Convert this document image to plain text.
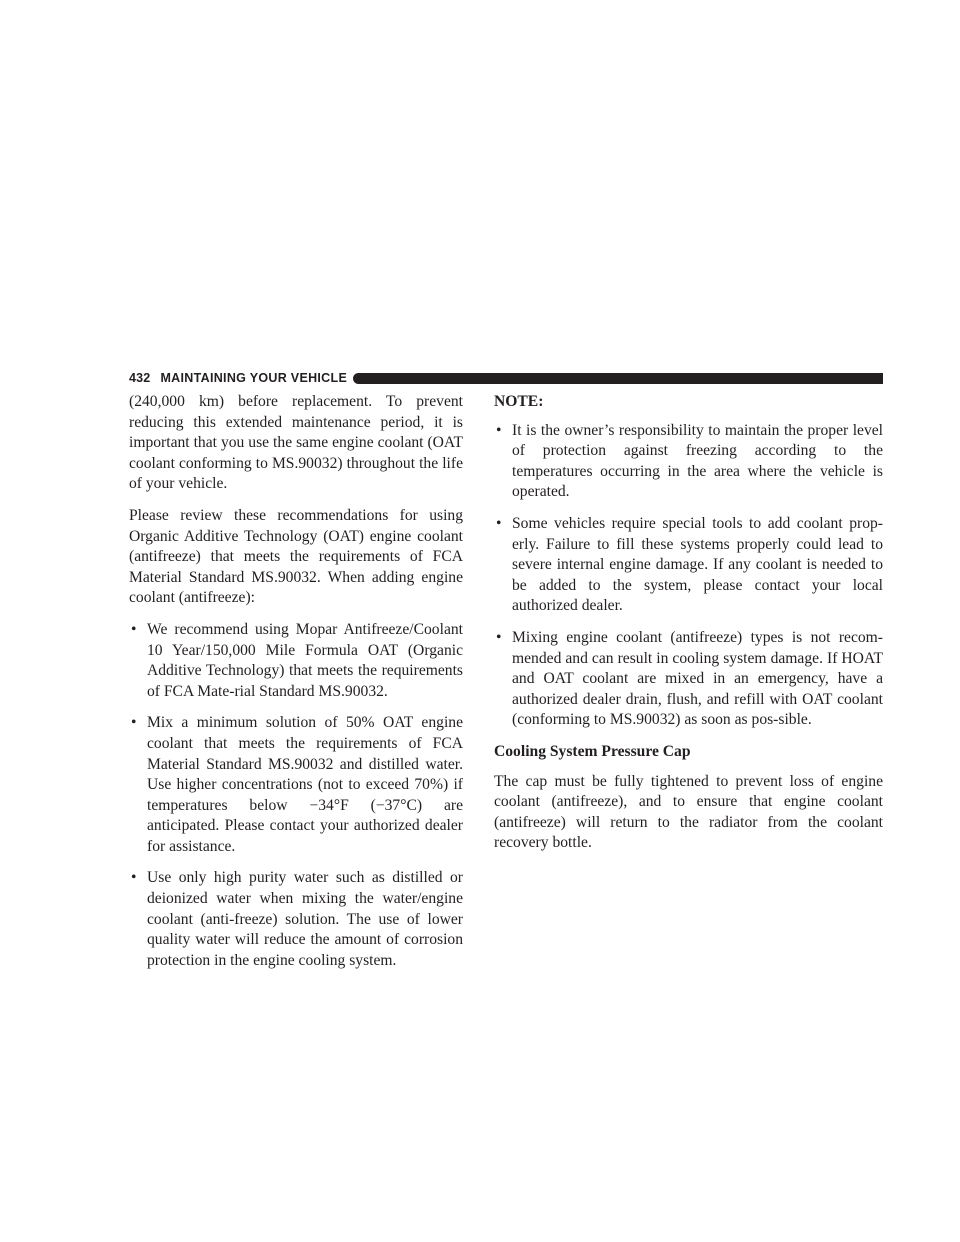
432 MAINTAINING YOUR VEHICLE

(240,000 km) before replacement. To prevent reducing this extended maintenance period, it is important that you use the same engine coolant (OAT coolant conforming to MS.90032) throughout the life of your vehicle.

Please review these recommendations for using Organic Additive Technology (OAT) engine coolant (antifreeze) that meets the requirements of FCA Material Standard MS.90032. When adding engine coolant (antifreeze):

• We recommend using Mopar Antifreeze/Coolant 10 Year/150,000 Mile Formula OAT (Organic Additive Technology) that meets the requirements of FCA Mate-rial Standard MS.90032.
• Mix a minimum solution of 50% OAT engine coolant that meets the requirements of FCA Material Standard MS.90032 and distilled water. Use higher concentrations (not to exceed 70%) if temperatures below −34°F (−37°C) are anticipated. Please contact your authorized dealer for assistance.
• Use only high purity water such as distilled or deionized water when mixing the water/engine coolant (anti-freeze) solution. The use of lower quality water will reduce the amount of corrosion protection in the engine cooling system.

NOTE:

• It is the owner’s responsibility to maintain the proper level of protection against freezing according to the temperatures occurring in the area where the vehicle is operated.
• Some vehicles require special tools to add coolant prop-erly. Failure to fill these systems properly could lead to severe internal engine damage. If any coolant is needed to be added to the system, please contact your local authorized dealer.
• Mixing engine coolant (antifreeze) types is not recom-mended and can result in cooling system damage. If HOAT and OAT coolant are mixed in an emergency, have a authorized dealer drain, flush, and refill with OAT coolant (conforming to MS.90032) as soon as pos-sible.

Cooling System Pressure Cap

The cap must be fully tightened to prevent loss of engine coolant (antifreeze), and to ensure that engine coolant (antifreeze) will return to the radiator from the coolant recovery bottle.
